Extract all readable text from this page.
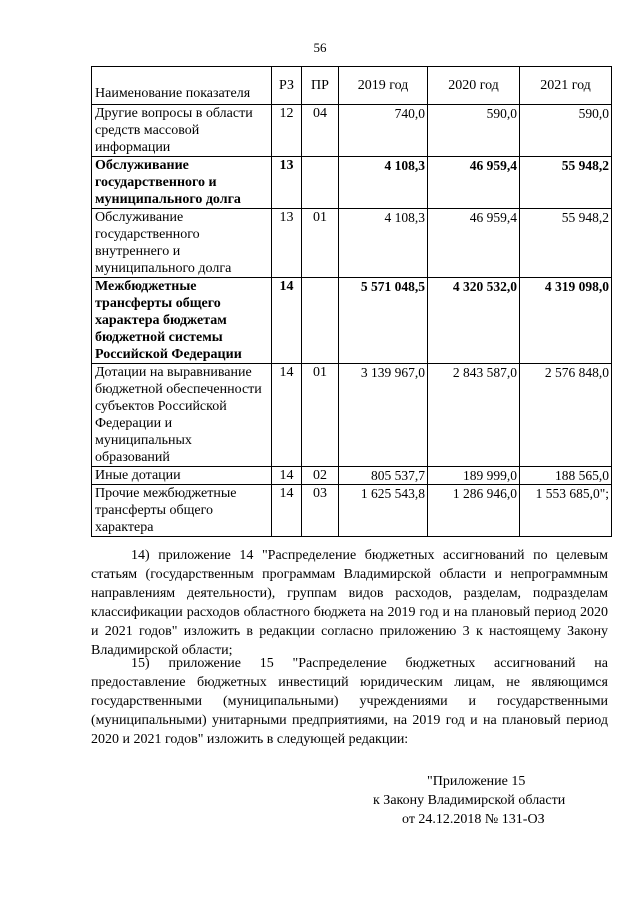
56
Наименование показателя	РЗ	ПР	2019 год	2020 год	2021 год
Другие вопросы в области средств массовой информации	12	04	740,0	590,0	590,0
Обслуживание государственного и муниципального долга	13		4 108,3	46 959,4	55 948,2
Обслуживание государственного внутреннего и муниципального долга	13	01	4 108,3	46 959,4	55 948,2
Межбюджетные трансферты общего характера бюджетам бюджетной системы Российской Федерации	14		5 571 048,5	4 320 532,0	4 319 098,0
Дотации на выравнивание бюджетной обеспеченности субъектов Российской Федерации и муниципальных образований	14	01	3 139 967,0	2 843 587,0	2 576 848,0
Иные дотации	14	02	805 537,7	189 999,0	188 565,0
Прочие межбюджетные трансферты общего характера	14	03	1 625 543,8	1 286 946,0	1 553 685,0";
14) приложение 14 "Распределение бюджетных ассигнований по целевым статьям (государственным программам Владимирской области и непрограммным направлениям деятельности), группам видов расходов, разделам, подразделам классификации расходов областного бюджета на 2019 год и на плановый период 2020 и 2021 годов" изложить в редакции согласно приложению 3 к настоящему Закону Владимирской области;
15) приложение 15 "Распределение бюджетных ассигнований на предоставление бюджетных инвестиций юридическим лицам, не являющимся государственными (муниципальными) учреждениями и государственными (муниципальными) унитарными предприятиями, на 2019 год и на плановый период 2020 и 2021 годов" изложить в следующей редакции:
"Приложение 15
к Закону Владимирской области
от 24.12.2018 № 131-ОЗ
